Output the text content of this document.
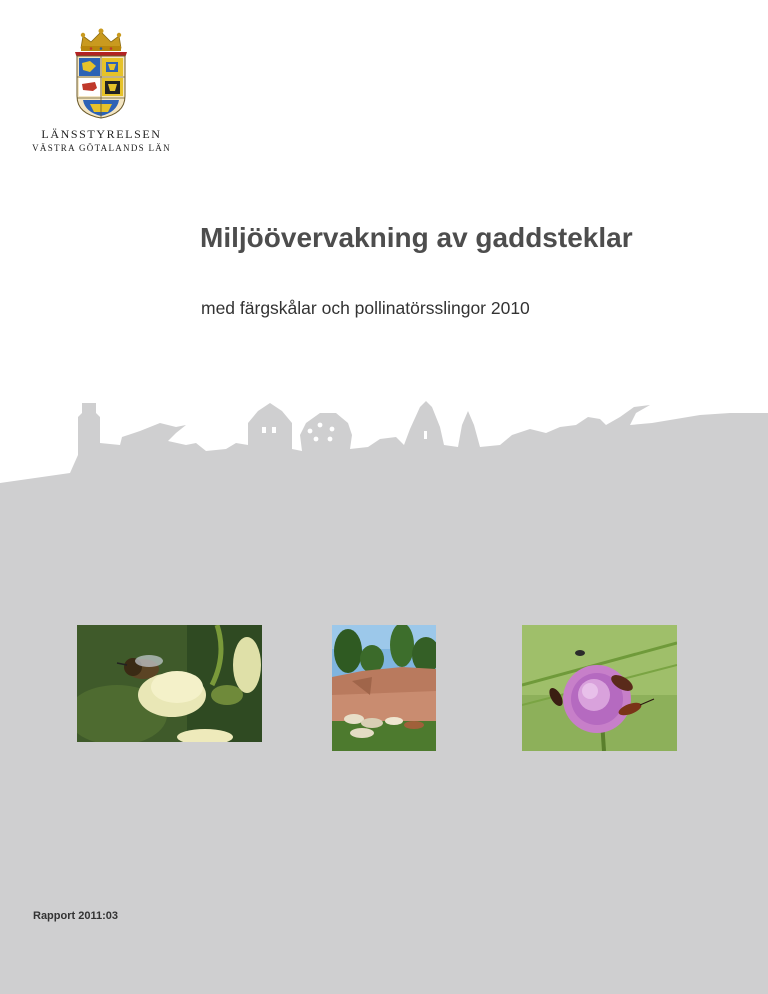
LÄNSSTYRELSEN
VÄSTRA GÖTALANDS LÄN
Miljöövervakning av gaddsteklar
med färgskålar och pollinatörsslingor 2010
Rapport 2011:03
